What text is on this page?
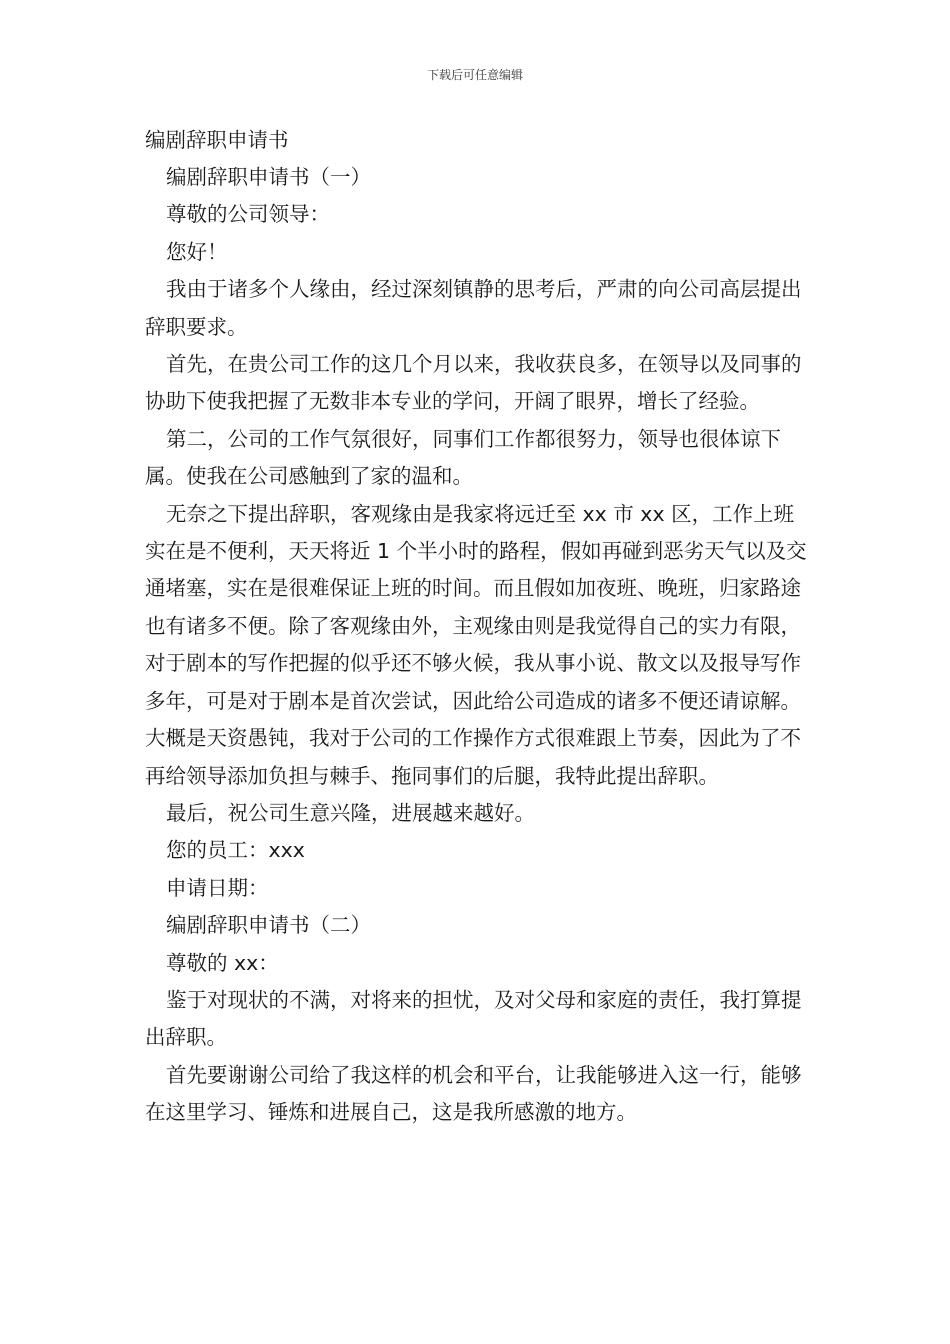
下载后可任意编辑
编剧辞职申请书

编剧辞职申请书（一）

尊敬的公司领导：

您好！

我由于诸多个人缘由，经过深刻镇静的思考后，严肃的向公司高层提出辞职要求。

首先，在贵公司工作的这几个月以来，我收获良多，在领导以及同事的协助下使我把握了无数非本专业的学问，开阔了眼界，增长了经验。

第二，公司的工作气氛很好，同事们工作都很努力，领导也很体谅下属。使我在公司感触到了家的温和。

无奈之下提出辞职，客观缘由是我家将远迁至 xx 市 xx 区，工作上班实在是不便利，天天将近 1 个半小时的路程，假如再碰到恶劣天气以及交通堵塞，实在是很难保证上班的时间。而且假如加夜班、晚班，归家路途也有诸多不便。除了客观缘由外，主观缘由则是我觉得自己的实力有限，对于剧本的写作把握的似乎还不够火候，我从事小说、散文以及报导写作多年，可是对于剧本是首次尝试，因此给公司造成的诸多不便还请谅解。大概是天资愚钝，我对于公司的工作操作方式很难跟上节奏，因此为了不再给领导添加负担与棘手、拖同事们的后腿，我特此提出辞职。

最后，祝公司生意兴隆，进展越来越好。

您的员工：xxx

申请日期：

编剧辞职申请书（二）

尊敬的 xx：

鉴于对现状的不满，对将来的担忧，及对父母和家庭的责任，我打算提出辞职。

首先要谢谢公司给了我这样的机会和平台，让我能够进入这一行，能够在这里学习、锤炼和进展自己，这是我所感激的地方。
